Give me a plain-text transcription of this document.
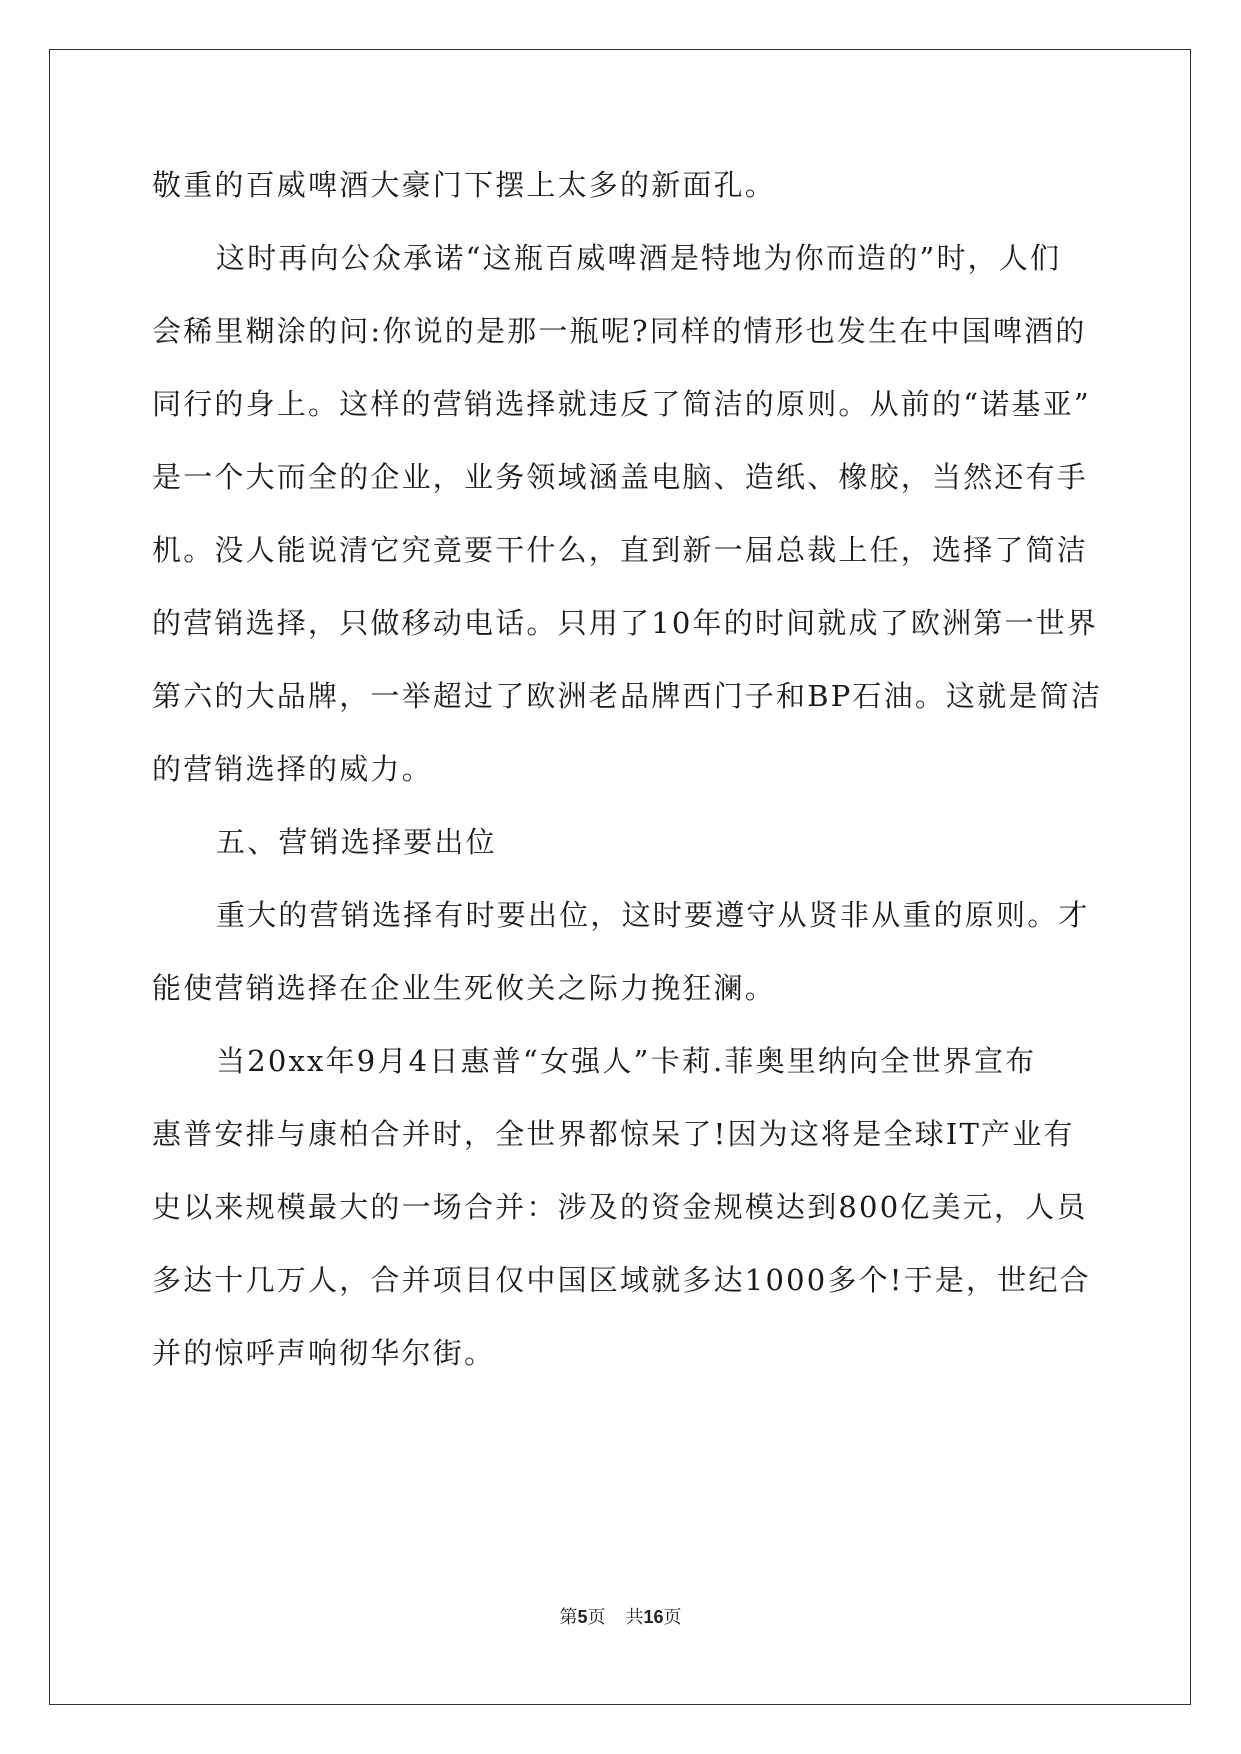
敬重的百威啤酒大豪门下摆上太多的新面孔。
这时再向公众承诺“这瓶百威啤酒是特地为你而造的”时，人们
会稀里糊涂的问:你说的是那一瓶呢?同样的情形也发生在中国啤酒的
同行的身上。这样的营销选择就违反了简洁的原则。从前的“诺基亚”
是一个大而全的企业，业务领域涵盖电脑、造纸、橡胶，当然还有手
机。没人能说清它究竟要干什么，直到新一届总裁上任，选择了简洁
的营销选择，只做移动电话。只用了10年的时间就成了欧洲第一世界
第六的大品牌，一举超过了欧洲老品牌西门子和BP石油。这就是简洁
的营销选择的威力。
五、营销选择要出位
重大的营销选择有时要出位，这时要遵守从贤非从重的原则。才
能使营销选择在企业生死攸关之际力挽狂澜。
当20xx年9月4日惠普“女强人”卡莉.菲奥里纳向全世界宣布
惠普安排与康柏合并时，全世界都惊呆了!因为这将是全球IT产业有
史以来规模最大的一场合并：涉及的资金规模达到800亿美元，人员
多达十几万人，合并项目仅中国区域就多达1000多个!于是，世纪合
并的惊呼声响彻华尔街。
第5页 共16页
